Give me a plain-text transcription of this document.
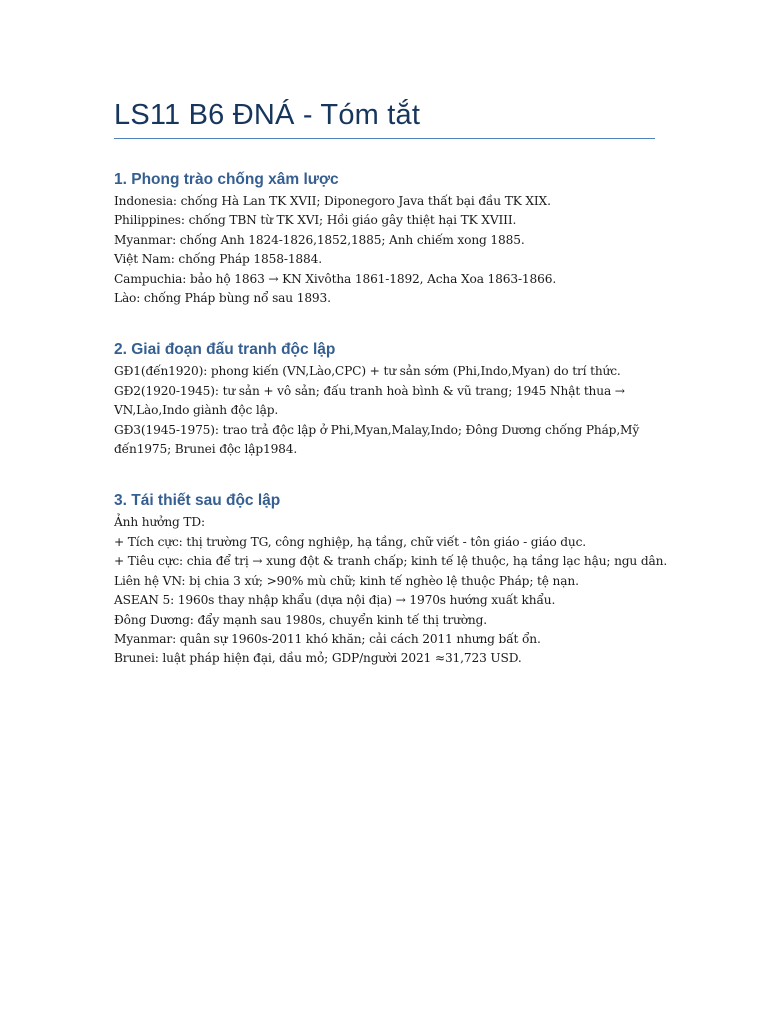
LS11 B6 ĐNÁ - Tóm tắt
1. Phong trào chống xâm lược
Indonesia: chống Hà Lan TK XVII; Diponegoro Java thất bại đầu TK XIX.
Philippines: chống TBN từ TK XVI; Hồi giáo gây thiệt hại TK XVIII.
Myanmar: chống Anh 1824-1826,1852,1885; Anh chiếm xong 1885.
Việt Nam: chống Pháp 1858-1884.
Campuchia: bảo hộ 1863 → KN Xivôtha 1861-1892, Acha Xoa 1863-1866.
Lào: chống Pháp bùng nổ sau 1893.
2. Giai đoạn đấu tranh độc lập
GĐ1(đến1920): phong kiến (VN,Lào,CPC) + tư sản sớm (Phi,Indo,Myan) do trí thức.
GĐ2(1920-1945): tư sản + vô sản; đấu tranh hoà bình & vũ trang; 1945 Nhật thua →
VN,Lào,Indo giành độc lập.
GĐ3(1945-1975): trao trả độc lập ở Phi,Myan,Malay,Indo; Đông Dương chống Pháp,Mỹ
đến1975; Brunei độc lập1984.
3. Tái thiết sau độc lập
Ảnh hưởng TD:
+ Tích cực: thị trường TG, công nghiệp, hạ tầng, chữ viết - tôn giáo - giáo dục.
+ Tiêu cực: chia để trị → xung đột & tranh chấp; kinh tế lệ thuộc, hạ tầng lạc hậu; ngu dân.
Liên hệ VN: bị chia 3 xứ; >90% mù chữ; kinh tế nghèo lệ thuộc Pháp; tệ nạn.
ASEAN 5: 1960s thay nhập khẩu (dựa nội địa) → 1970s hướng xuất khẩu.
Đông Dương: đẩy mạnh sau 1980s, chuyển kinh tế thị trường.
Myanmar: quân sự 1960s-2011 khó khăn; cải cách 2011 nhưng bất ổn.
Brunei: luật pháp hiện đại, dầu mỏ; GDP/người 2021 ≈31,723 USD.
